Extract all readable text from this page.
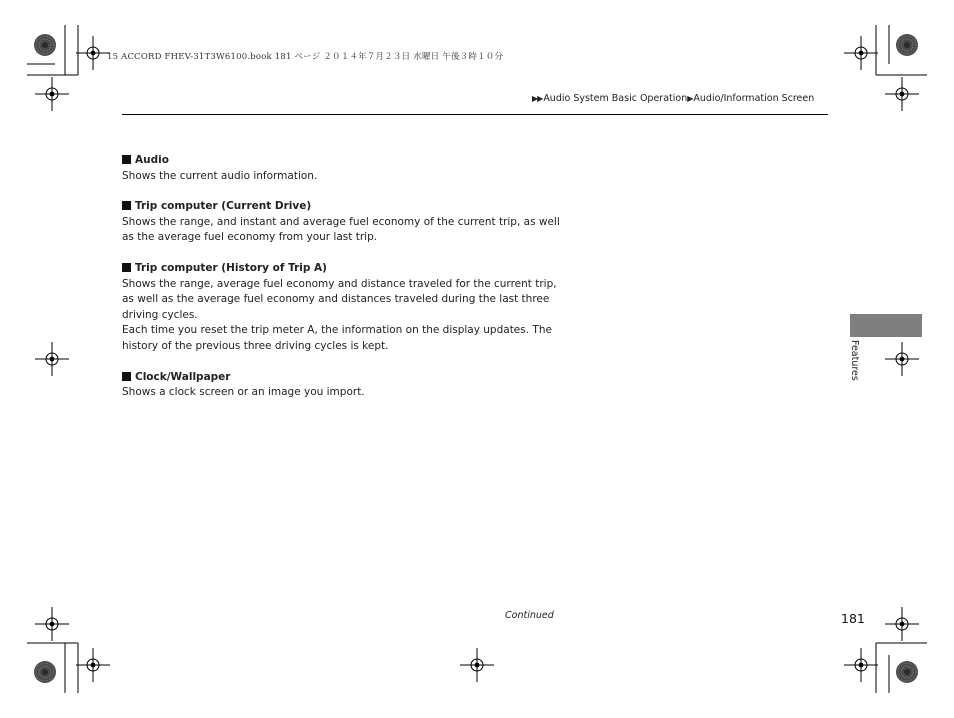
15 ACCORD FHEV-31T3W6100.book 181 ページ ２０１４年７月２３日 水曜日 午後３時１０分
▶▶Audio System Basic Operation▶Audio/Information Screen
Audio
Shows the current audio information.
Trip computer (Current Drive)
Shows the range, and instant and average fuel economy of the current trip, as well
as the average fuel economy from your last trip.
Trip computer (History of Trip A)
Shows the range, average fuel economy and distance traveled for the current trip,
as well as the average fuel economy and distances traveled during the last three
driving cycles.
Each time you reset the trip meter A, the information on the display updates. The
history of the previous three driving cycles is kept.
Clock/Wallpaper
Shows a clock screen or an image you import.
Features
Continued	181
